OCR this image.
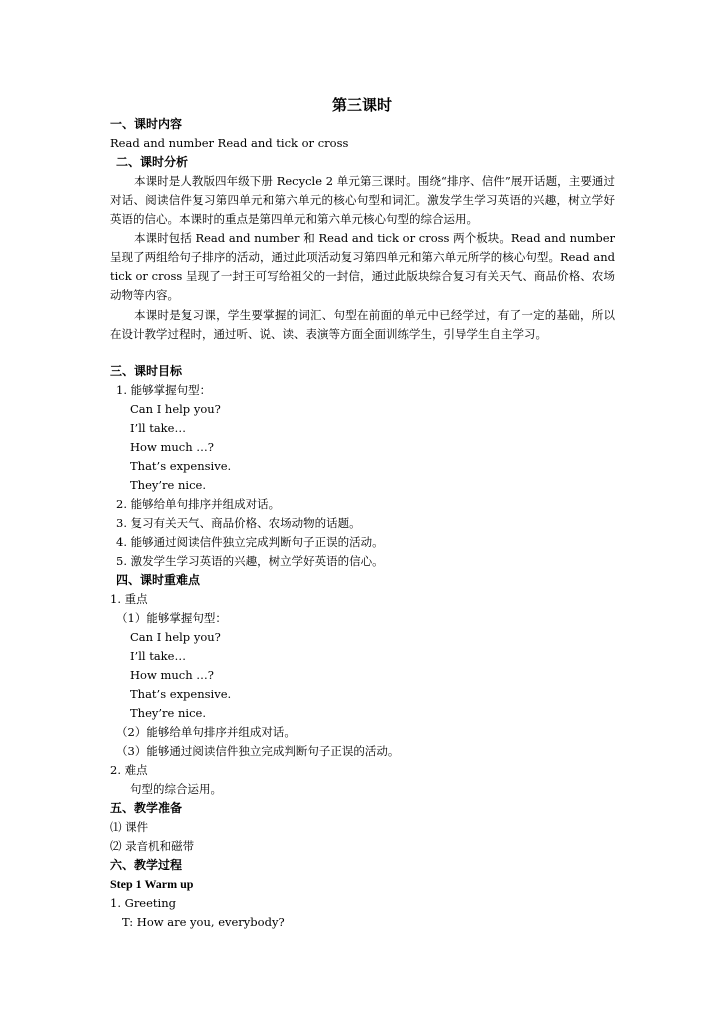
第三课时
一、课时内容
Read and number Read and tick or cross
二、课时分析
本课时是人教版四年级下册 Recycle 2 单元第三课时。围绕“排序、信件”展开话题，主要通过对话、阅读信件复习第四单元和第六单元的核心句型和词汇。激发学生学习英语的兴趣，树立学好英语的信心。本课时的重点是第四单元和第六单元核心句型的综合运用。
本课时包括 Read and number 和 Read and tick or cross 两个板块。Read and number 呈现了两组给句子排序的活动，通过此项活动复习第四单元和第六单元所学的核心句型。Read and tick or cross 呈现了一封王可写给祖父的一封信，通过此版块综合复习有关天气、商品价格、农场动物等内容。
本课时是复习课，学生要掌握的词汇、句型在前面的单元中已经学过，有了一定的基础，所以在设计教学过程时，通过听、说、读、表演等方面全面训练学生，引导学生自主学习。
三、课时目标
1. 能够掌握句型：
Can I help you?
I’ll take…
How much …?
That’s expensive.
They’re nice.
2. 能够给单句排序并组成对话。
3. 复习有关天气、商品价格、农场动物的话题。
4. 能够通过阅读信件独立完成判断句子正误的活动。
5. 激发学生学习英语的兴趣，树立学好英语的信心。
四、课时重难点
1. 重点
（1）能够掌握句型：
Can I help you?
I’ll take…
How much …?
That’s expensive.
They’re nice.
（2）能够给单句排序并组成对话。
（3）能够通过阅读信件独立完成判断句子正误的活动。
2. 难点
句型的综合运用。
五、教学准备
⑴ 课件
⑵ 录音机和磁带
六、教学过程
Step 1 Warm up
1. Greeting
T: How are you, everybody?
